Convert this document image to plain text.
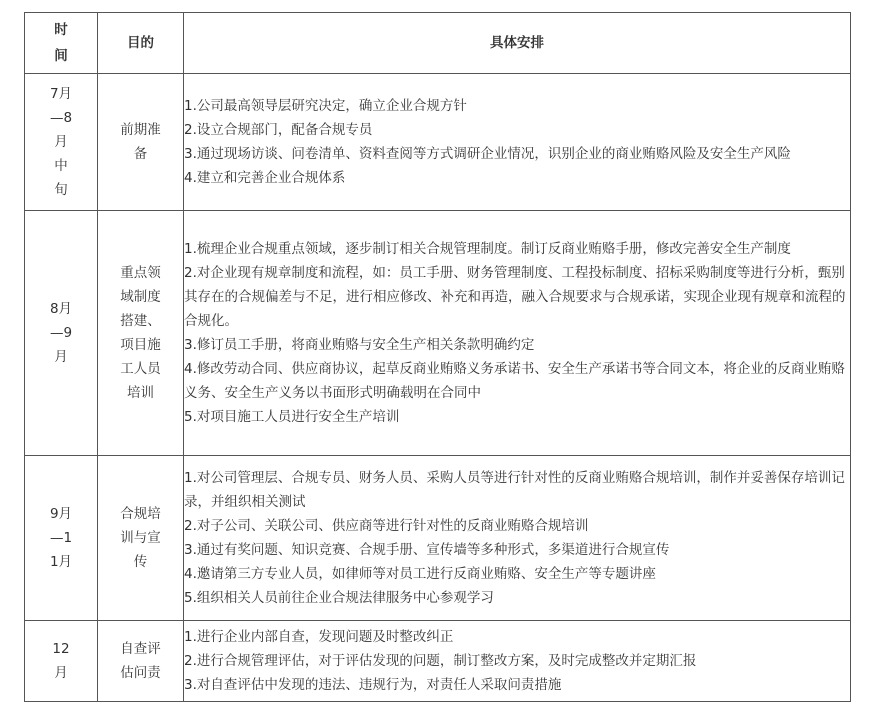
时间	目的	具体安排

7月—8月中旬	前期准备	1.公司最高领导层研究决定，确立企业合规方针
2.设立合规部门，配备合规专员
3.通过现场访谈、问卷清单、资料查阅等方式调研企业情况，识别企业的商业贿赂风险及安全生产风险
4.建立和完善企业合规体系

8月—9月	重点领域制度搭建、项目施工人员培训	1.梳理企业合规重点领域，逐步制订相关合规管理制度。制订反商业贿赂手册，修改完善安全生产制度
2.对企业现有规章制度和流程，如：员工手册、财务管理制度、工程投标制度、招标采购制度等进行分析，甄别其存在的合规偏差与不足，进行相应修改、补充和再造，融入合规要求与合规承诺，实现企业现有规章和流程的合规化。
3.修订员工手册，将商业贿赂与安全生产相关条款明确约定
4.修改劳动合同、供应商协议，起草反商业贿赂义务承诺书、安全生产承诺书等合同文本，将企业的反商业贿赂义务、安全生产义务以书面形式明确载明在合同中
5.对项目施工人员进行安全生产培训

9月—11月	合规培训与宣传	1.对公司管理层、合规专员、财务人员、采购人员等进行针对性的反商业贿赂合规培训，制作并妥善保存培训记录，并组织相关测试
2.对子公司、关联公司、供应商等进行针对性的反商业贿赂合规培训
3.通过有奖问题、知识竞赛、合规手册、宣传墙等多种形式，多渠道进行合规宣传
4.邀请第三方专业人员，如律师等对员工进行反商业贿赂、安全生产等专题讲座
5.组织相关人员前往企业合规法律服务中心参观学习

12月	自查评估问责	1.进行企业内部自查，发现问题及时整改纠正
2.进行合规管理评估，对于评估发现的问题，制订整改方案，及时完成整改并定期汇报
3.对自查评估中发现的违法、违规行为，对责任人采取问责措施
